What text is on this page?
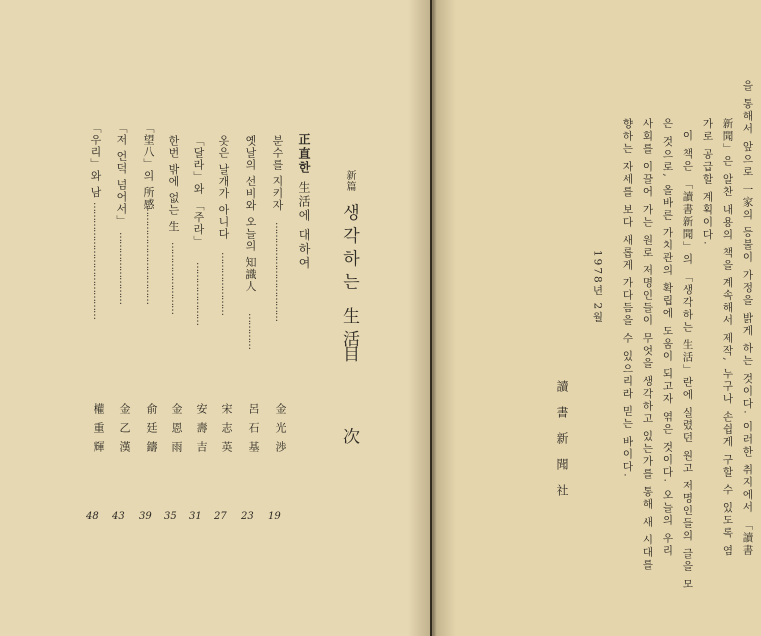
新篇 생각하는 生活
目 次
正直한 生活에 대하여
분수를 지키자
……………………………
金光渉
19
옛날의 선비와 오늘의 知識人
…………
呂石基
23
옷은 날개가 아니다
…………………
宋志英
27
「달라」와 「주라」
…………………
安壽吉
31
한번 밖에 없는 生
……………………
金恩雨
35
「望八」의 所感
……………………………
俞廷鑄
39
「저 언덕 넘어서」
……………………
金乙漢
43
「우리」와 남
…………………………………
權重輝
48	을 통해서 앞으로 一家의 등불이 가정을 밝게 하는 것이다. 이러한 취지에서 「讀書
新聞」은 알찬 내용의 책을 계속해서 제작, 누구나 손쉽게 구할 수 있도록 염
가로 공급할 계획이다.
이 책은 「讀書新聞」의 「생각하는 生活」란에 실렸던 원고 저명인들의 글을 모
은 것으로, 올바른 가치관의 확립에 도움이 되고자 엮은 것이다. 오늘의 우리
사회를 이끌어 가는 원로 저명인들이 무엇을 생각하고 있는가를 통해 새 시대를
향하는 자세를 보다 새롭게 가다듬을 수 있으리라 믿는 바이다.
1978년 2월
讀書新聞社
